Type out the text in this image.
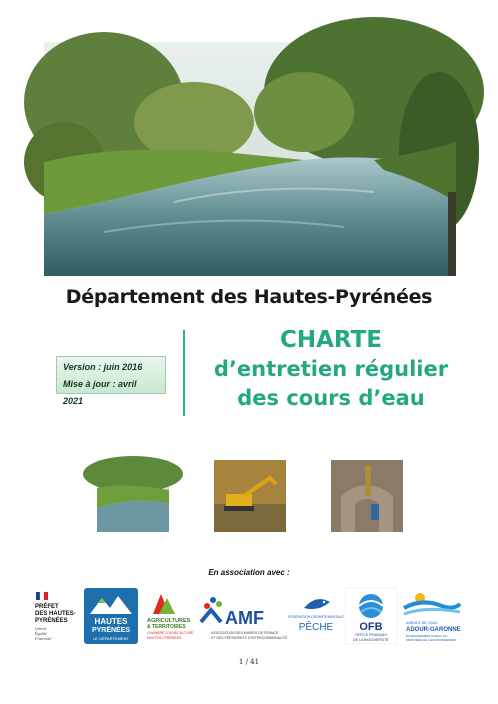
Département des Hautes-Pyrénées
Version : juin 2016
Mise à jour : avril 2021
CHARTE
d’entretien régulier
des cours d’eau
En association avec :
PRÉFET
DES HAUTES-
PYRÉNÉES
Liberté
Égalité
Fraternité
HAUTES
PYRÉNÉES
LE DÉPARTEMENT
AGRICULTURES
& TERRITOIRES
CHAMBRE D'AGRICULTURE
HAUTES-PYRÉNÉES
AMF
ASSOCIATION DES MAIRES DE FRANCE
ET DES PRÉSIDENTS D'INTERCOMMUNALITÉ
FÉDÉRATION DÉPARTEMENTALE
PÊCHE OFB
OFFICE FRANÇAIS
DE LA BIODIVERSITÉ
AGENCE DE L'EAU
ADOUR-GARONNE
ÉTABLISSEMENT PUBLIC DU
MINISTÈRE DE L'ENVIRONNEMENT
1 / 41
